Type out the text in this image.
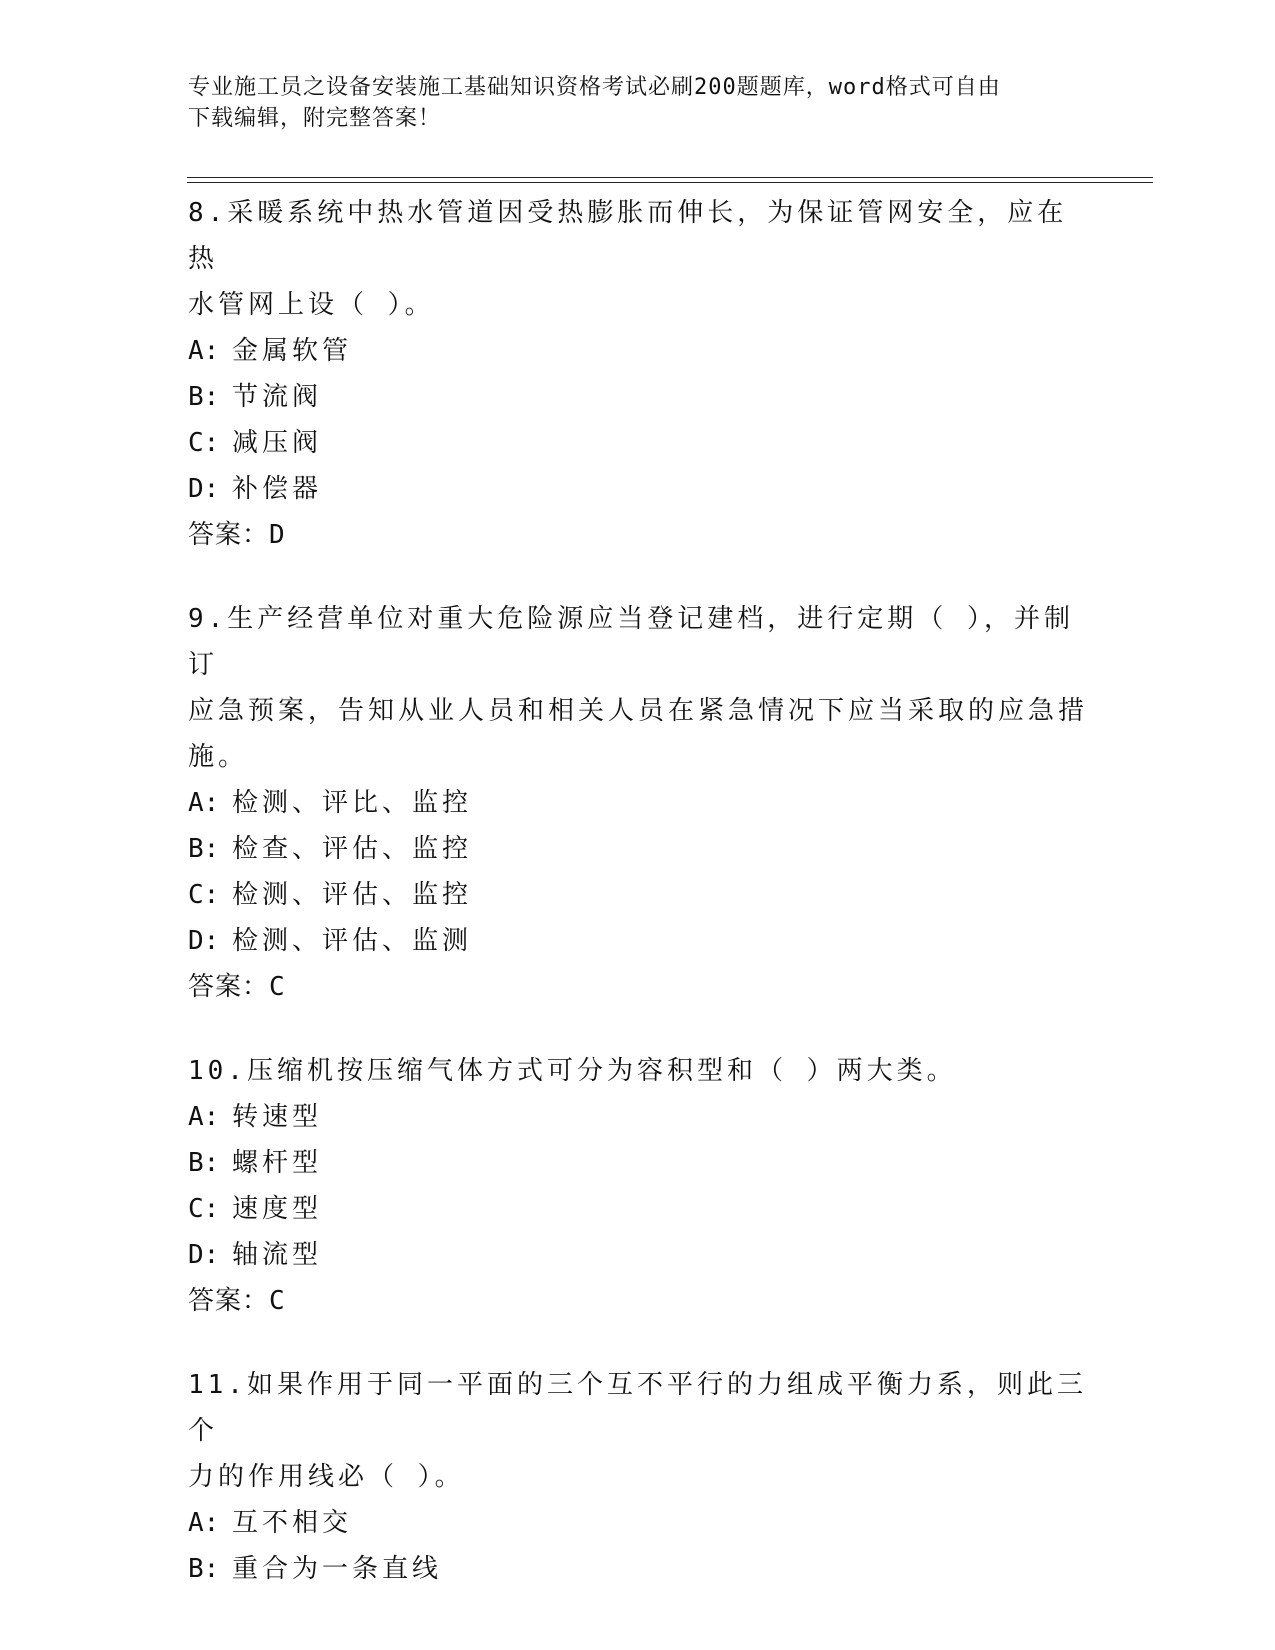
专业施工员之设备安装施工基础知识资格考试必刷200题题库，word格式可自由
下载编辑，附完整答案！
8.采暖系统中热水管道因受热膨胀而伸长，为保证管网安全，应在热
水管网上设（ ）。
A: 金属软管
B: 节流阀
C: 减压阀
D: 补偿器
答案：D
9.生产经营单位对重大危险源应当登记建档，进行定期（ ），并制订
应急预案，告知从业人员和相关人员在紧急情况下应当采取的应急措
施。
A: 检测、评比、监控
B: 检查、评估、监控
C: 检测、评估、监控
D: 检测、评估、监测
答案：C
10.压缩机按压缩气体方式可分为容积型和（ ）两大类。
A: 转速型
B: 螺杆型
C: 速度型
D: 轴流型
答案：C
11.如果作用于同一平面的三个互不平行的力组成平衡力系，则此三个
力的作用线必（ ）。
A: 互不相交
B: 重合为一条直线
